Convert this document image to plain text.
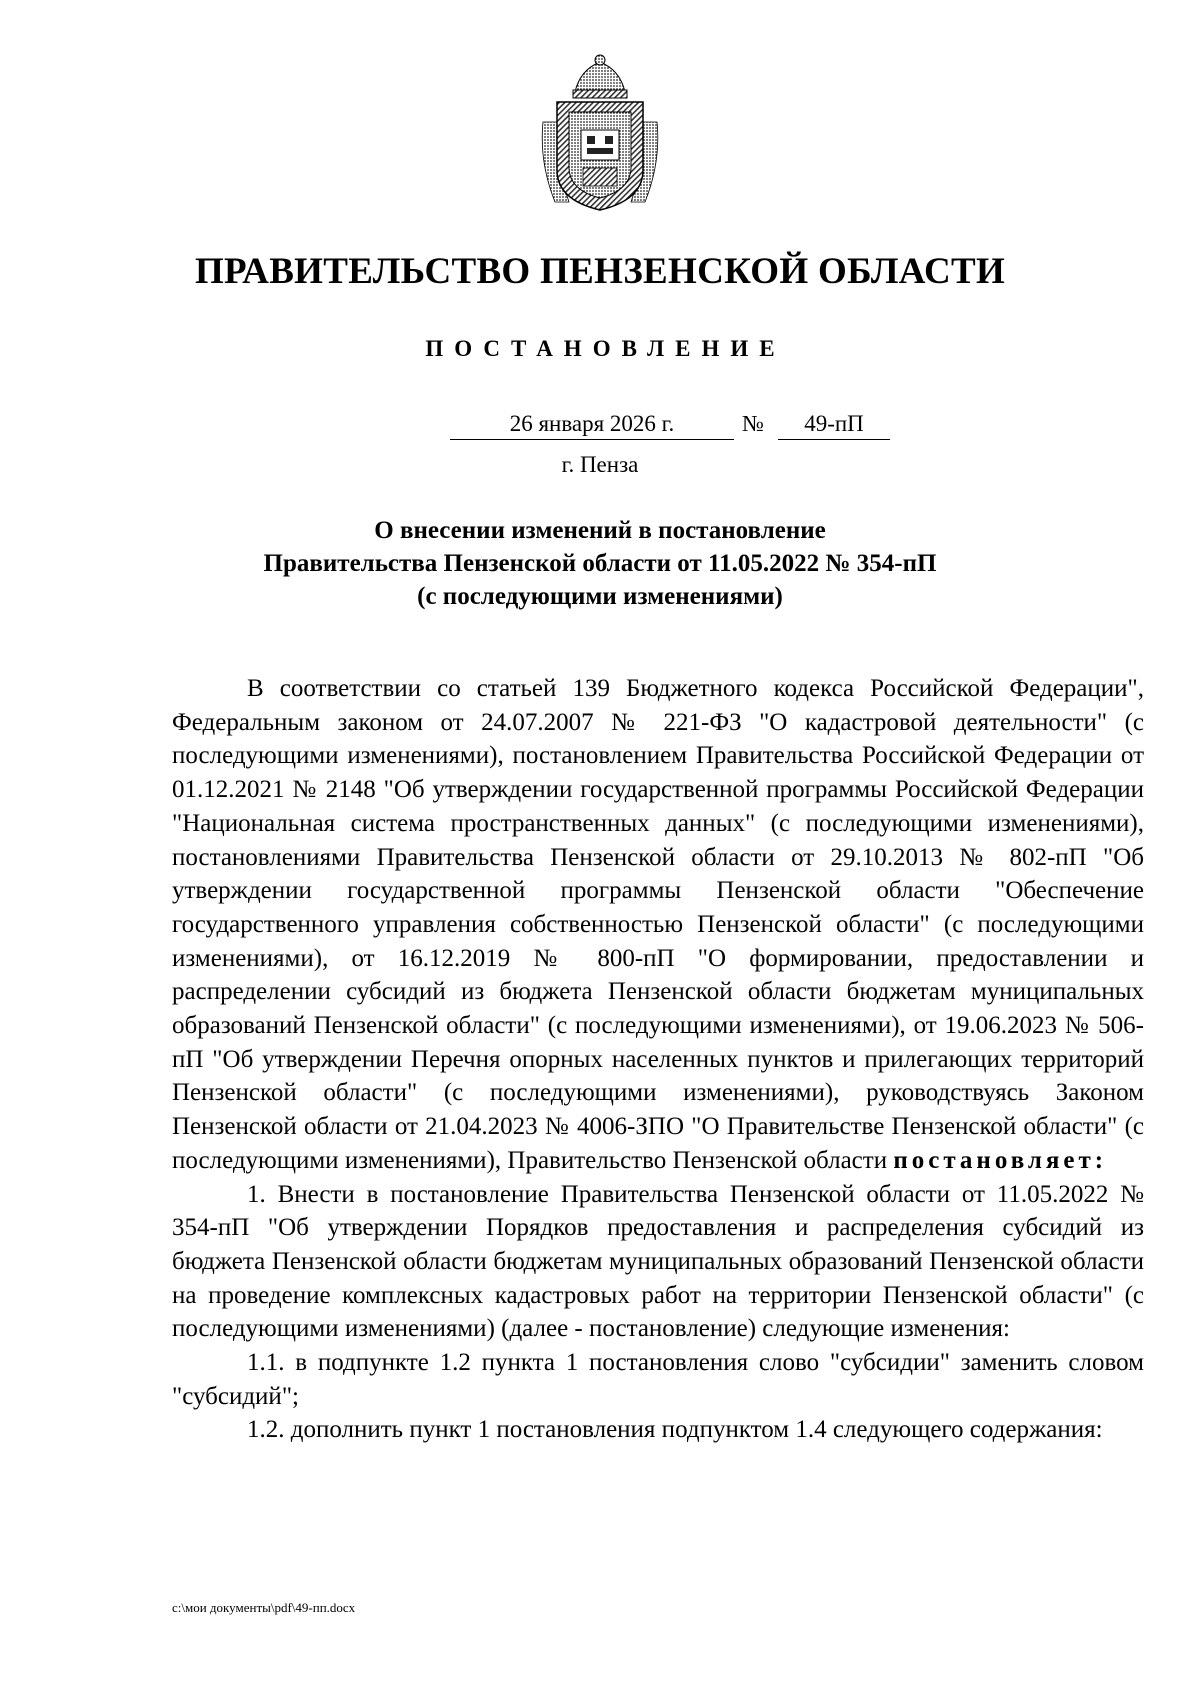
ПРАВИТЕЛЬСТВО ПЕНЗЕНСКОЙ ОБЛАСТИ
ПОСТАНОВЛЕНИЕ
26 января 2026 г.	№	49-пП
г. Пенза
О внесении изменений в постановление
Правительства Пензенской области от 11.05.2022 № 354-пП
(с последующими изменениями)

В соответствии со статьей 139 Бюджетного кодекса Российской Федерации", Федеральным законом от 24.07.2007 № 221-ФЗ "О кадастровой деятельности" (с последующими изменениями), постановлением Правительства Российской Федерации от 01.12.2021 № 2148 "Об утверждении государственной программы Российской Федерации "Национальная система пространственных данных" (с последующими изменениями), постановлениями Правительства Пензенской области от 29.10.2013 № 802-пП "Об утверждении государственной программы Пензенской области "Обеспечение государственного управления собственностью Пензенской области" (с последующими изменениями), от 16.12.2019 № 800-пП "О формировании, предоставлении и распределении субсидий из бюджета Пензенской области бюджетам муниципальных образований Пензенской области" (с последующими изменениями), от 19.06.2023 № 506-пП "Об утверждении Перечня опорных населенных пунктов и прилегающих территорий Пензенской области" (с последующими изменениями), руководствуясь Законом Пензенской области от 21.04.2023 № 4006-ЗПО "О Правительстве Пензенской области" (с последующими изменениями), Правительство Пензенской области постановляет:

1. Внести в постановление Правительства Пензенской области от 11.05.2022 № 354-пП "Об утверждении Порядков предоставления и распределения субсидий из бюджета Пензенской области бюджетам муниципальных образований Пензенской области на проведение комплексных кадастровых работ на территории Пензенской области" (с последующими изменениями) (далее - постановление) следующие изменения:

1.1. в подпункте 1.2 пункта 1 постановления слово "субсидии" заменить словом "субсидий";

1.2. дополнить пункт 1 постановления подпунктом 1.4 следующего содержания:

c:\мои документы\pdf\49-пп.docx
